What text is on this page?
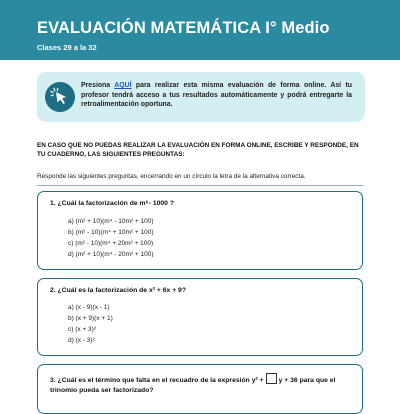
EVALUACIÓN MATEMÁTICA I° Medio
Clases 29 a la 32
Presiona AQUÍ para realizar esta misma evaluación de forma online. Así tu profesor tendrá acceso a tus resultados automáticamente y podrá entregarte la retroalimentación oportuna.
EN CASO QUE NO PUEDAS REALIZAR LA EVALUACIÓN EN FORMA ONLINE, ESCRIBE Y RESPONDE, EN TU CUADERNO, LAS SIGUIENTES PREGUNTAS:
Responde las siguientes preguntas, encerrando en un círculo la letra de la alternativa correcta.
1. ¿Cuál la factorización de m⁶- 1000 ?
a) (m² + 10)(m⁴ - 10m² + 100)
b) (m² - 10)(m⁴ + 10m² + 100)
c) (m² - 10)(m⁴ + 20m² + 100)
d) (m² + 10)(m⁴ - 20m² + 100)
2. ¿Cuál es la factorización de x² + 6x + 9?
a) (x - 9)(x - 1)
b) (x + 9)(x + 1)
c) (x + 3)²
d) (x - 3)²
3. ¿Cuál es el término que falta en el recuadro de la expresión y² + y + 36 para que el trinomio pueda ser factorizado?
